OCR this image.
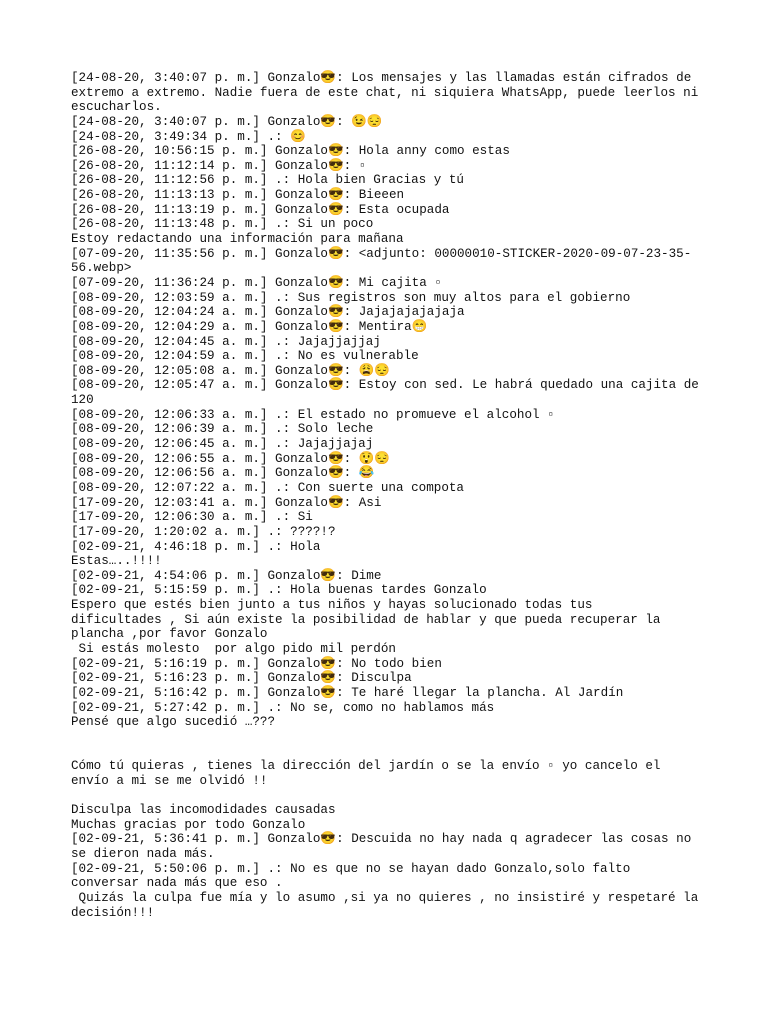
[24-08-20, 3:40:07 p. m.] Gonzalo😎: Los mensajes y las llamadas están cifrados de
extremo a extremo. Nadie fuera de este chat, ni siquiera WhatsApp, puede leerlos ni
escucharlos.
[24-08-20, 3:40:07 p. m.] Gonzalo😎: 😉😔
[24-08-20, 3:49:34 p. m.] .: 😊
[26-08-20, 10:56:15 p. m.] Gonzalo😎: Hola anny como estas
[26-08-20, 11:12:14 p. m.] Gonzalo😎: ▫
[26-08-20, 11:12:56 p. m.] .: Hola bien Gracias y tú
[26-08-20, 11:13:13 p. m.] Gonzalo😎: Bieeen
[26-08-20, 11:13:19 p. m.] Gonzalo😎: Esta ocupada
[26-08-20, 11:13:48 p. m.] .: Si un poco
Estoy redactando una información para mañana
[07-09-20, 11:35:56 p. m.] Gonzalo😎: <adjunto: 00000010-STICKER-2020-09-07-23-35-
56.webp>
[07-09-20, 11:36:24 p. m.] Gonzalo😎: Mi cajita ▫
[08-09-20, 12:03:59 a. m.] .: Sus registros son muy altos para el gobierno
[08-09-20, 12:04:24 a. m.] Gonzalo😎: Jajajajajajaja
[08-09-20, 12:04:29 a. m.] Gonzalo😎: Mentira😁
[08-09-20, 12:04:45 a. m.] .: Jajajjajjaj
[08-09-20, 12:04:59 a. m.] .: No es vulnerable
[08-09-20, 12:05:08 a. m.] Gonzalo😎: 😩😔
[08-09-20, 12:05:47 a. m.] Gonzalo😎: Estoy con sed. Le habrá quedado una cajita de
120
[08-09-20, 12:06:33 a. m.] .: El estado no promueve el alcohol ▫
[08-09-20, 12:06:39 a. m.] .: Solo leche
[08-09-20, 12:06:45 a. m.] .: Jajajjajaj
[08-09-20, 12:06:55 a. m.] Gonzalo😎: 😲😔
[08-09-20, 12:06:56 a. m.] Gonzalo😎: 😂
[08-09-20, 12:07:22 a. m.] .: Con suerte una compota
[17-09-20, 12:03:41 a. m.] Gonzalo😎: Asi
[17-09-20, 12:06:30 a. m.] .: Si
[17-09-20, 1:20:02 a. m.] .: ????!?
[02-09-21, 4:46:18 p. m.] .: Hola
Estas…..!!!!
[02-09-21, 4:54:06 p. m.] Gonzalo😎: Dime
[02-09-21, 5:15:59 p. m.] .: Hola buenas tardes Gonzalo
Espero que estés bien junto a tus niños y hayas solucionado todas tus
dificultades , Si aún existe la posibilidad de hablar y que pueda recuperar la
plancha ,por favor Gonzalo
Si estás molesto  por algo pido mil perdón
[02-09-21, 5:16:19 p. m.] Gonzalo😎: No todo bien
[02-09-21, 5:16:23 p. m.] Gonzalo😎: Disculpa
[02-09-21, 5:16:42 p. m.] Gonzalo😎: Te haré llegar la plancha. Al Jardín
[02-09-21, 5:27:42 p. m.] .: No se, como no hablamos más
Pensé que algo sucedió …???
Cómo tú quieras , tienes la dirección del jardín o se la envío ▫ yo cancelo el
envío a mi se me olvidó !!
Disculpa las incomodidades causadas
Muchas gracias por todo Gonzalo
[02-09-21, 5:36:41 p. m.] Gonzalo😎: Descuida no hay nada q agradecer las cosas no
se dieron nada más.
[02-09-21, 5:50:06 p. m.] .: No es que no se hayan dado Gonzalo,solo falto
conversar nada más que eso .
Quizás la culpa fue mía y lo asumo ,si ya no quieres , no insistiré y respetaré la
decisión!!!
